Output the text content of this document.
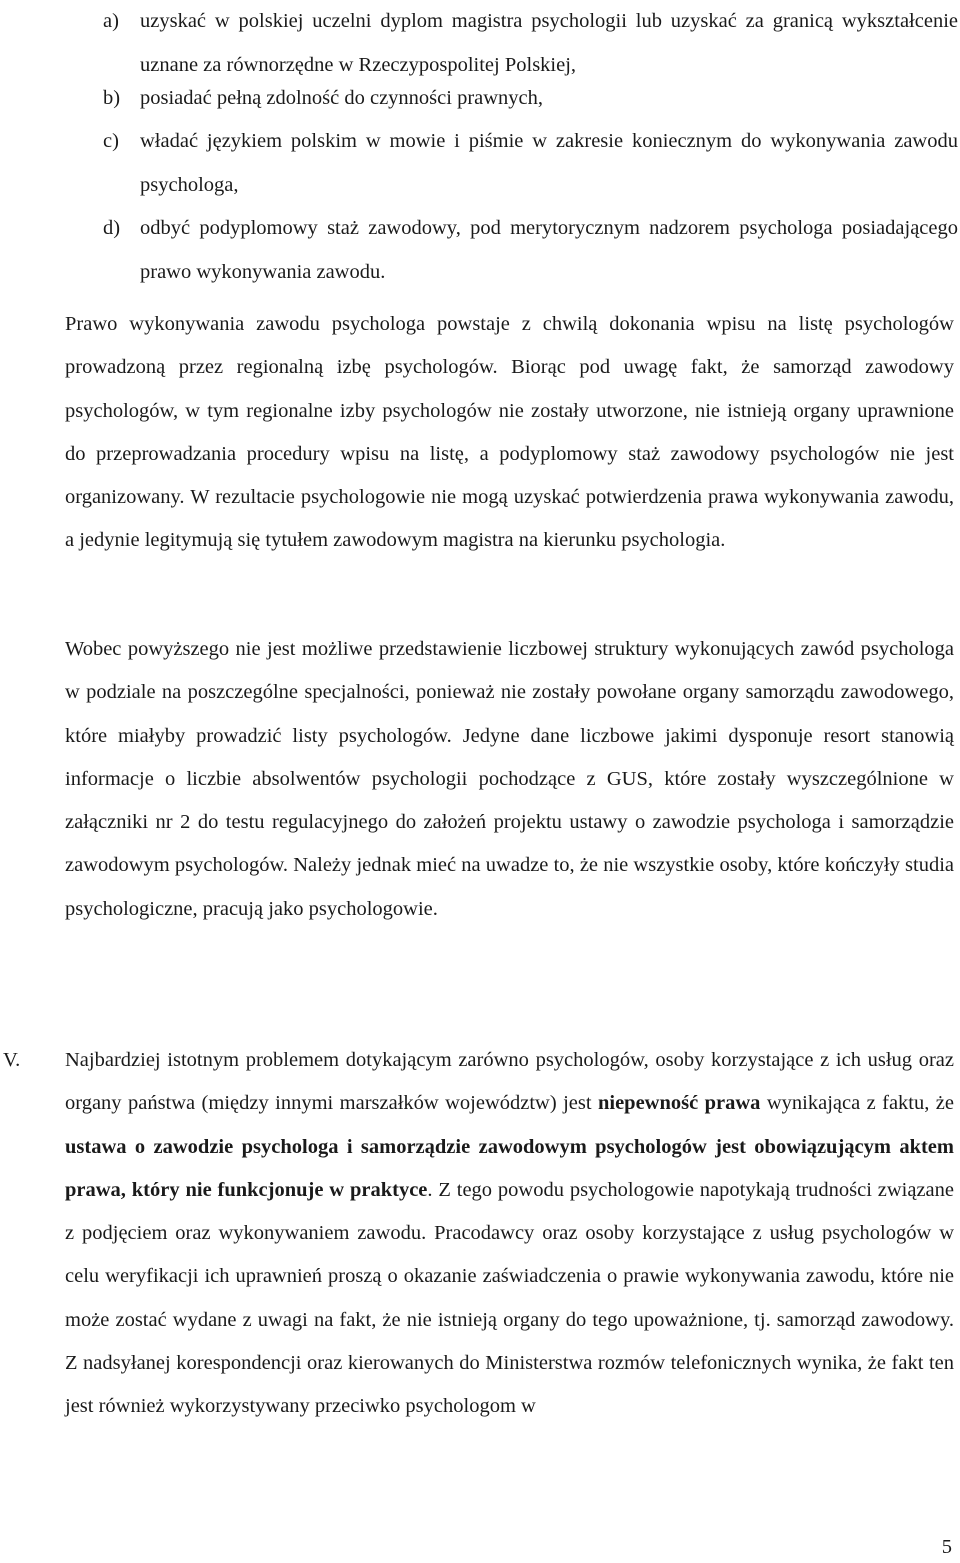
a) uzyskać w polskiej uczelni dyplom magistra psychologii lub uzyskać za granicą wykształcenie uznane za równorzędne w Rzeczypospolitej Polskiej,
b) posiadać pełną zdolność do czynności prawnych,
c) władać językiem polskim w mowie i piśmie w zakresie koniecznym do wykonywania zawodu psychologa,
d) odbyć podyplomowy staż zawodowy, pod merytorycznym nadzorem psychologa posiadającego prawo wykonywania zawodu.
Prawo wykonywania zawodu psychologa powstaje z chwilą dokonania wpisu na listę psychologów prowadzoną przez regionalną izbę psychologów. Biorąc pod uwagę fakt, że samorząd zawodowy psychologów, w tym regionalne izby psychologów nie zostały utworzone, nie istnieją organy uprawnione do przeprowadzania procedury wpisu na listę, a podyplomowy staż zawodowy psychologów nie jest organizowany. W rezultacie psychologowie nie mogą uzyskać potwierdzenia prawa wykonywania zawodu, a jedynie legitymują się tytułem zawodowym magistra na kierunku psychologia.
Wobec powyższego nie jest możliwe przedstawienie liczbowej struktury wykonujących zawód psychologa w podziale na poszczególne specjalności, ponieważ nie zostały powołane organy samorządu zawodowego, które miałyby prowadzić listy psychologów. Jedyne dane liczbowe jakimi dysponuje resort stanowią informacje o liczbie absolwentów psychologii pochodzące z GUS, które zostały wyszczególnione w załączniki nr 2 do testu regulacyjnego do założeń projektu ustawy o zawodzie psychologa i samorządzie zawodowym psychologów. Należy jednak mieć na uwadze to, że nie wszystkie osoby, które kończyły studia psychologiczne, pracują jako psychologowie.
V. Najbardziej istotnym problemem dotykającym zarówno psychologów, osoby korzystające z ich usług oraz organy państwa (między innymi marszałków województw) jest niepewność prawa wynikająca z faktu, że ustawa o zawodzie psychologa i samorządzie zawodowym psychologów jest obowiązującym aktem prawa, który nie funkcjonuje w praktyce. Z tego powodu psychologowie napotykają trudności związane z podjęciem oraz wykonywaniem zawodu. Pracodawcy oraz osoby korzystające z usług psychologów w celu weryfikacji ich uprawnień proszą o okazanie zaświadczenia o prawie wykonywania zawodu, które nie może zostać wydane z uwagi na fakt, że nie istnieją organy do tego upoważnione, tj. samorząd zawodowy. Z nadsyłanej korespondencji oraz kierowanych do Ministerstwa rozmów telefonicznych wynika, że fakt ten jest również wykorzystywany przeciwko psychologom w
5
